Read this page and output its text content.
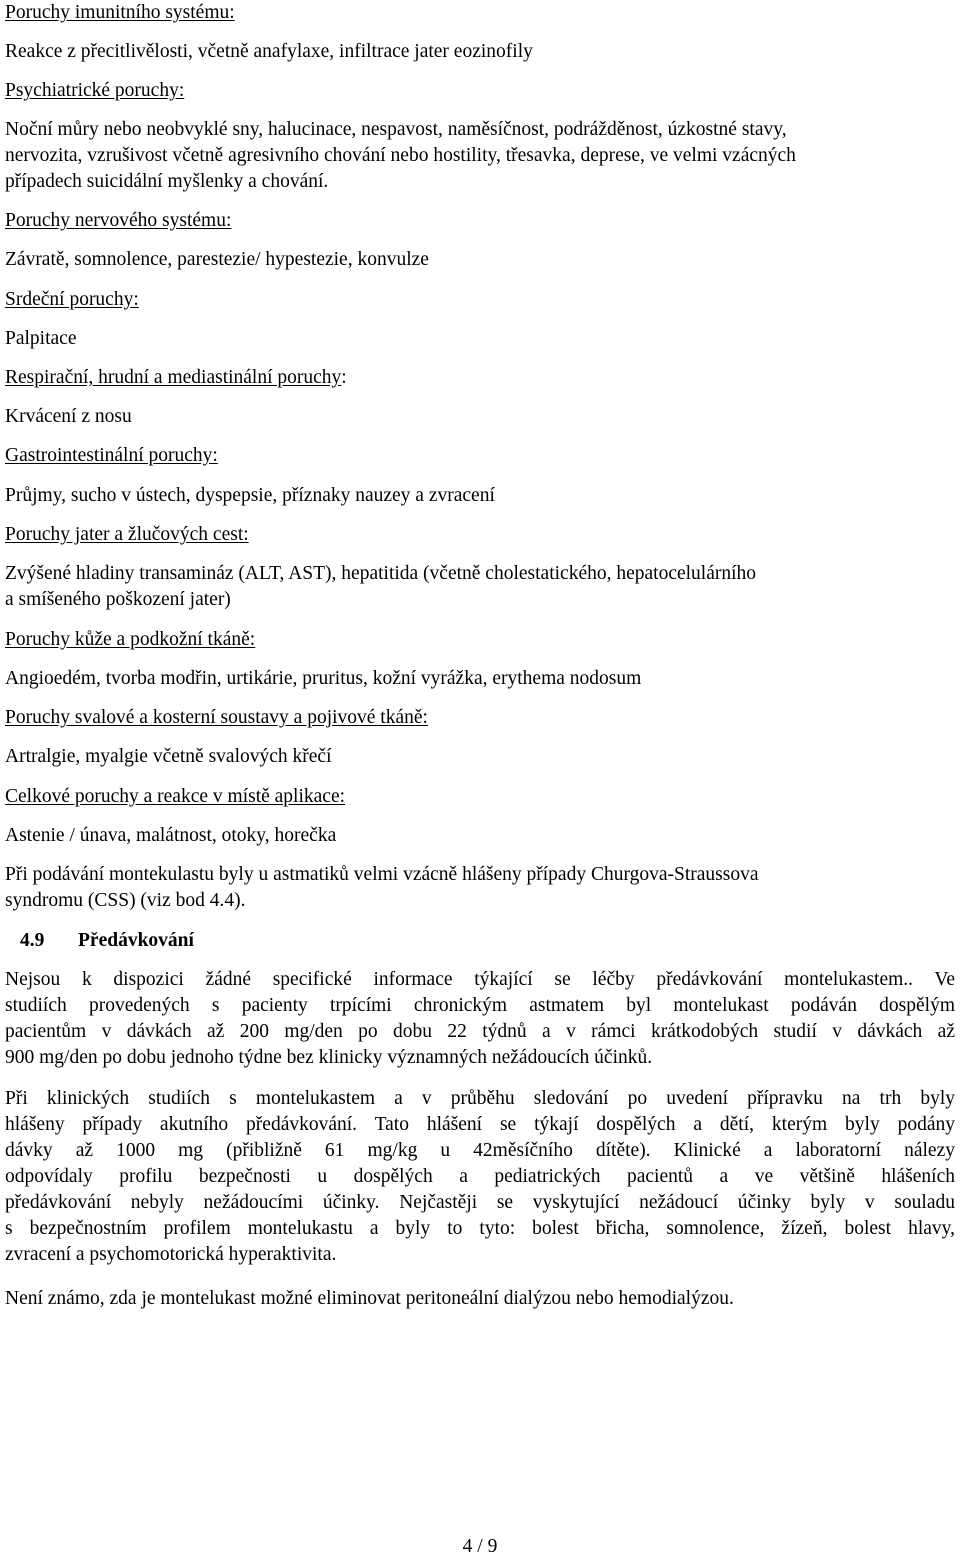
Poruchy imunitního systému:
Reakce z přecitlivělosti, včetně anafylaxe, infiltrace jater eozinofily
Psychiatrické poruchy:
Noční můry nebo neobvyklé sny, halucinace, nespavost, naměsíčnost, podrážděnost, úzkostné stavy,
nervozita, vzrušivost včetně agresivního chování nebo hostility, třesavka, deprese, ve velmi vzácných
případech suicidální myšlenky a chování.
Poruchy nervového systému:
Závratě, somnolence, parestezie/ hypestezie, konvulze
Srdeční poruchy:
Palpitace
Respirační, hrudní a mediastinální poruchy:
Krvácení z nosu
Gastrointestinální poruchy:
Průjmy, sucho v ústech, dyspepsie, příznaky nauzey a zvracení
Poruchy jater a žlučových cest:
Zvýšené hladiny transamináz (ALT, AST), hepatitida (včetně cholestatického, hepatocelulárního
a smíšeného poškození jater)
Poruchy kůže a podkožní tkáně:
Angioedém, tvorba modřin, urtikárie, pruritus, kožní vyrážka, erythema nodosum
Poruchy svalové a kosterní soustavy a pojivové tkáně:
Artralgie, myalgie včetně svalových křečí
Celkové poruchy a reakce v místě aplikace:
Astenie / únava, malátnost, otoky, horečka
Při podávání montekulastu byly u astmatiků velmi vzácně hlášeny případy Churgova-Straussova
syndromu (CSS) (viz bod 4.4).
4.9 Předávkování
Nejsou k dispozici žádné specifické informace týkající se léčby předávkování montelukastem.. Ve
studiích provedených s pacienty trpícími chronickým astmatem byl montelukast podáván dospělým
pacientům v dávkách až 200 mg/den po dobu 22 týdnů a v rámci krátkodobých studií v dávkách až
900 mg/den po dobu jednoho týdne bez klinicky významných nežádoucích účinků.
Při klinických studiích s montelukastem a v průběhu sledování po uvedení přípravku na trh byly
hlášeny případy akutního předávkování. Tato hlášení se týkají dospělých a dětí, kterým byly podány
dávky až 1000 mg (přibližně 61 mg/kg u 42měsíčního dítěte). Klinické a laboratorní nálezy
odpovídaly profilu bezpečnosti u dospělých a pediatrických pacientů a ve většině hlášeních
předávkování nebyly nežádoucími účinky. Nejčastěji se vyskytující nežádoucí účinky byly v souladu
s bezpečnostním profilem montelukastu a byly to tyto: bolest břicha, somnolence, žízeň, bolest hlavy,
zvracení a psychomotorická hyperaktivita.
Není známo, zda je montelukast možné eliminovat peritoneální dialýzou nebo hemodialýzou.
4 / 9
